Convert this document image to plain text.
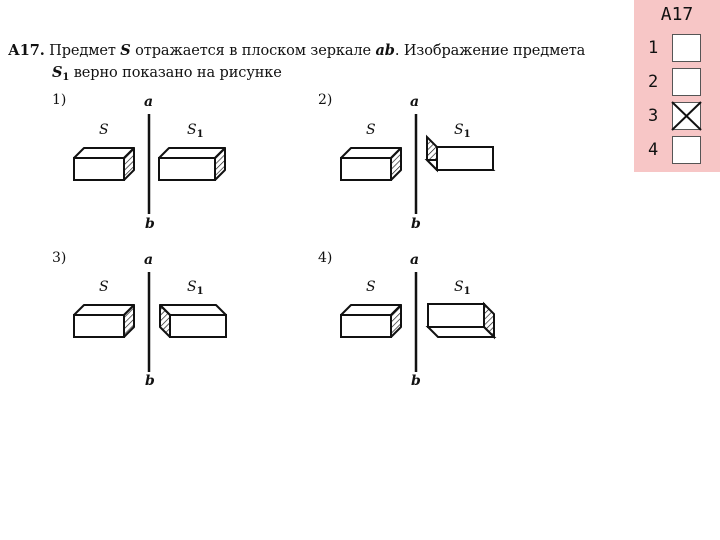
А17. Предмет S отражается в плоском зеркале ab. Изображение предмета
$S_1$ верно показано на рисунке
1)	2)
3)	4)
a
b
S	$S_1$
a
b
S	$S_1$
a
b
S	$S_1$
a
b
S	$S_1$
А17
1
2
3
4
